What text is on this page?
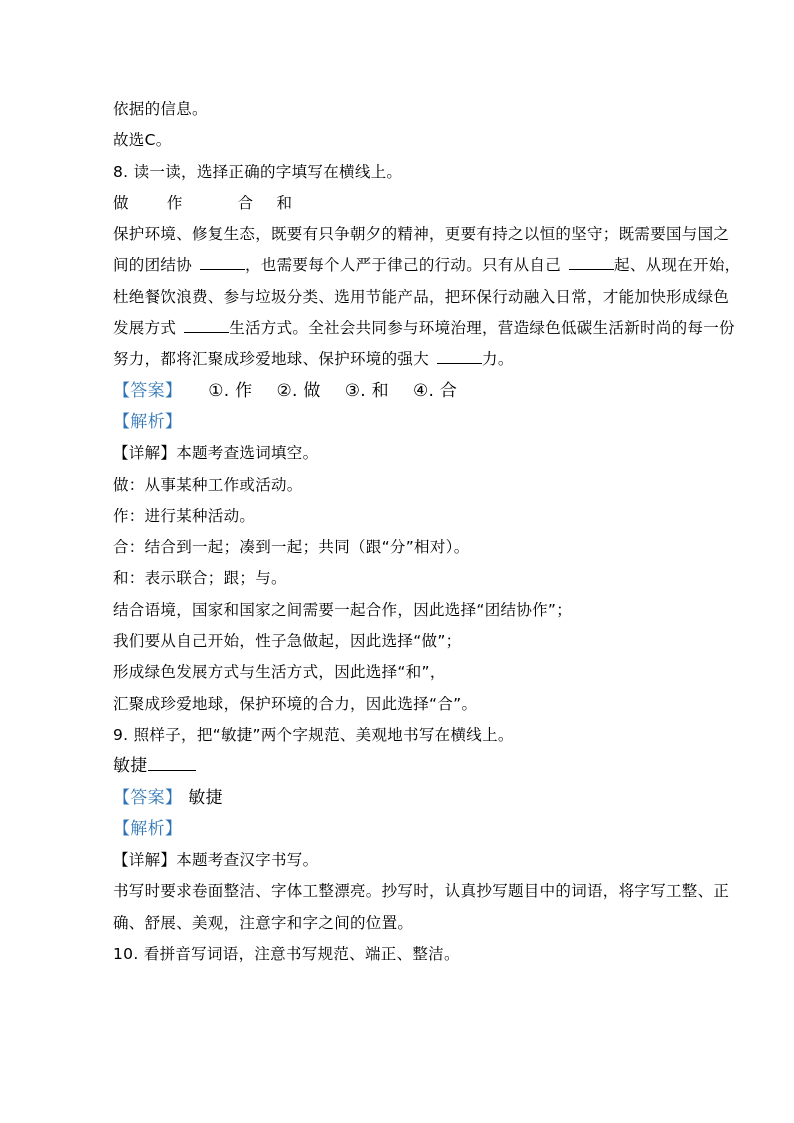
依据的信息。
故选C。
8. 读一读，选择正确的字填写在横线上。
做 作	合 和
保护环境、修复生态，既要有只争朝夕的精神，更要有持之以恒的坚守；既需要国与国之
间的团结协	，也需要每个人严于律己的行动。只有从自己	起、从现在开始，
杜绝餐饮浪费、参与垃圾分类、选用节能产品，把环保行动融入日常，才能加快形成绿色
发展方式	生活方式。全社会共同参与环境治理，营造绿色低碳生活新时尚的每一份
努力，都将汇聚成珍爱地球、保护环境的强大	力。
【答案】 ①. 作 ②. 做 ③. 和 ④. 合
【解析】
【详解】本题考查选词填空。
做：从事某种工作或活动。
作：进行某种活动。
合：结合到一起；凑到一起；共同（跟“分”相对）。
和：表示联合；跟；与。
结合语境，国家和国家之间需要一起合作，因此选择“团结协作”；
我们要从自己开始，性子急做起，因此选择“做”；
形成绿色发展方式与生活方式，因此选择“和”，
汇聚成珍爱地球，保护环境的合力，因此选择“合”。
9. 照样子，把“敏捷”两个字规范、美观地书写在横线上。
敏捷
【答案】 敏捷
【解析】
【详解】本题考查汉字书写。
书写时要求卷面整洁、字体工整漂亮。抄写时，认真抄写题目中的词语，将字写工整、正
确、舒展、美观，注意字和字之间的位置。
10. 看拼音写词语，注意书写规范、端正、整洁。
